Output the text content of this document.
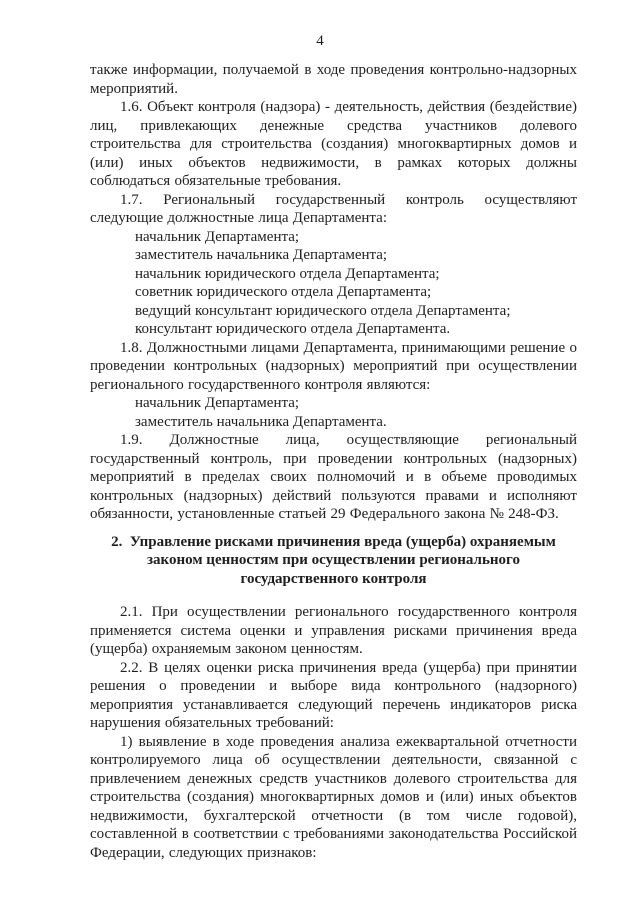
4

также информации, получаемой в ходе проведения контрольно-надзорных мероприятий.

1.6. Объект контроля (надзора) - деятельность, действия (бездействие) лиц, привлекающих денежные средства участников долевого строительства для строительства (создания) многоквартирных домов и (или) иных объектов недвижимости, в рамках которых должны соблюдаться обязательные требования.

1.7. Региональный государственный контроль осуществляют следующие должностные лица Департамента:

начальник Департамента;
заместитель начальника Департамента;
начальник юридического отдела Департамента;
советник юридического отдела Департамента;
ведущий консультант юридического отдела Департамента;
консультант юридического отдела Департамента.

1.8. Должностными лицами Департамента, принимающими решение о проведении контрольных (надзорных) мероприятий при осуществлении регионального государственного контроля являются:

начальник Департамента;
заместитель начальника Департамента.

1.9. Должностные лица, осуществляющие региональный государственный контроль, при проведении контрольных (надзорных) мероприятий в пределах своих полномочий и в объеме проводимых контрольных (надзорных) действий пользуются правами и исполняют обязанности, установленные статьей 29 Федерального закона № 248-ФЗ.

2.  Управление рисками причинения вреда (ущерба) охраняемым
законом ценностям при осуществлении регионального
государственного контроля

2.1. При осуществлении регионального государственного контроля применяется система оценки и управления рисками причинения вреда (ущерба) охраняемым законом ценностям.

2.2. В целях оценки риска причинения вреда (ущерба) при принятии решения о проведении и выборе вида контрольного (надзорного) мероприятия устанавливается следующий перечень индикаторов риска нарушения обязательных требований:

1) выявление в ходе проведения анализа ежеквартальной отчетности контролируемого лица об осуществлении деятельности, связанной с привлечением денежных средств участников долевого строительства для строительства (создания) многоквартирных домов и (или) иных объектов недвижимости, бухгалтерской отчетности (в том числе годовой), составленной в соответствии с требованиями законодательства Российской Федерации, следующих признаков:
